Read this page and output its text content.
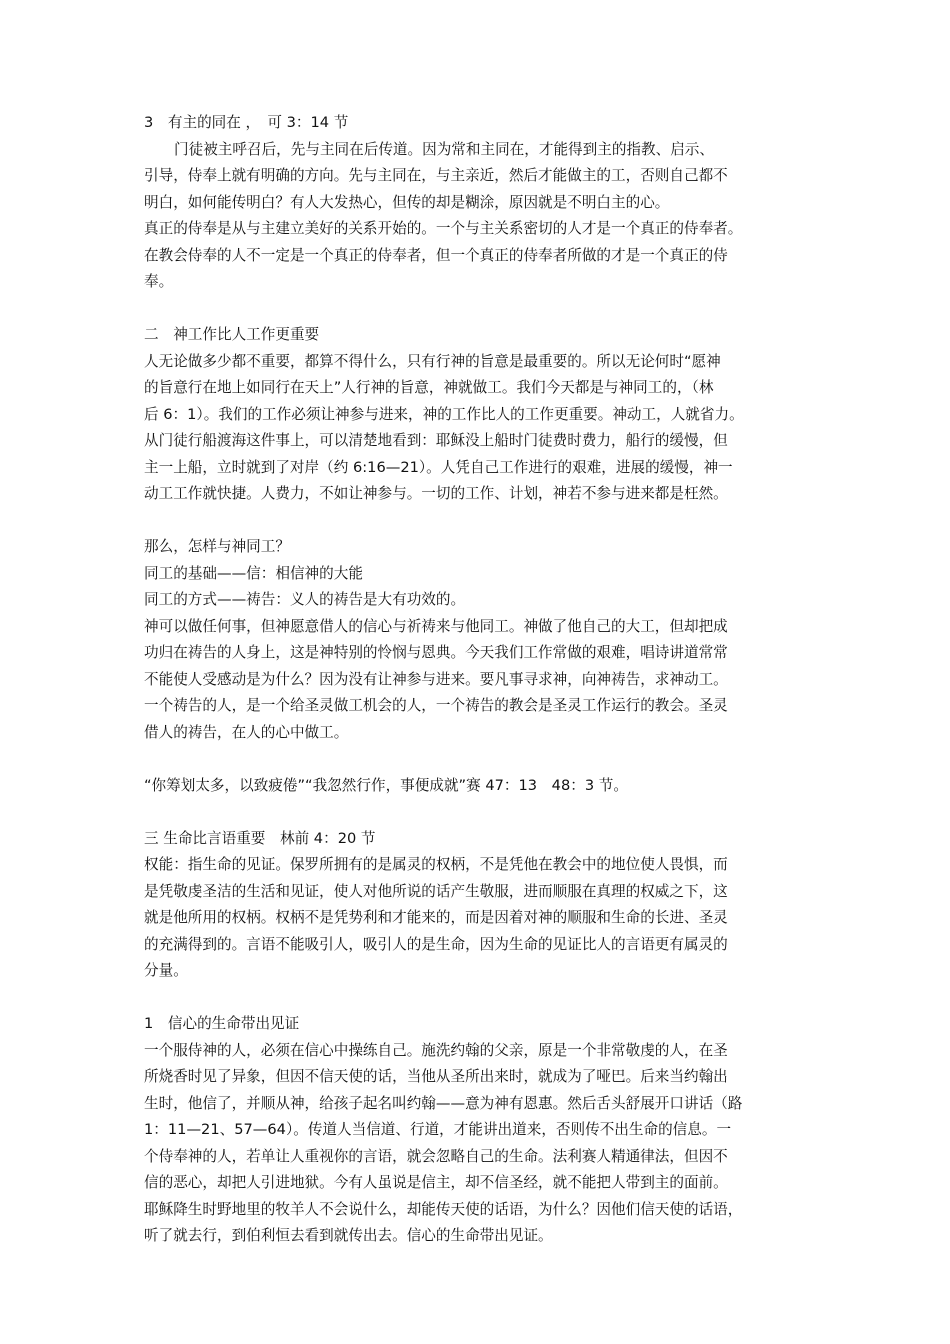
3　有主的同在 ，　可 3：14 节

门徒被主呼召后，先与主同在后传道。因为常和主同在，才能得到主的指教、启示、

引导，侍奉上就有明确的方向。先与主同在，与主亲近，然后才能做主的工，否则自己都不

明白，如何能传明白？有人大发热心，但传的却是糊涂，原因就是不明白主的心。

真正的侍奉是从与主建立美好的关系开始的。一个与主关系密切的人才是一个真正的侍奉者。

在教会侍奉的人不一定是一个真正的侍奉者，但一个真正的侍奉者所做的才是一个真正的侍

奉。

二　神工作比人工作更重要

人无论做多少都不重要，都算不得什么，只有行神的旨意是最重要的。所以无论何时“愿神

的旨意行在地上如同行在天上”人行神的旨意，神就做工。我们今天都是与神同工的，（林

后 6：1）。我们的工作必须让神参与进来，神的工作比人的工作更重要。神动工，人就省力。

从门徒行船渡海这件事上，可以清楚地看到：耶稣没上船时门徒费时费力，船行的缓慢，但

主一上船，立时就到了对岸（约 6:16—21）。人凭自己工作进行的艰难，进展的缓慢，神一

动工工作就快捷。人费力，不如让神参与。一切的工作、计划，神若不参与进来都是枉然。

那么，怎样与神同工？

同工的基础——信：相信神的大能

同工的方式——祷告：义人的祷告是大有功效的。

神可以做任何事，但神愿意借人的信心与祈祷来与他同工。神做了他自己的大工，但却把成

功归在祷告的人身上，这是神特别的怜悯与恩典。今天我们工作常做的艰难，唱诗讲道常常

不能使人受感动是为什么？因为没有让神参与进来。要凡事寻求神，向神祷告，求神动工。

一个祷告的人，是一个给圣灵做工机会的人，一个祷告的教会是圣灵工作运行的教会。圣灵

借人的祷告，在人的心中做工。

“你筹划太多，以致疲倦”“我忽然行作，事便成就”赛 47：13　48：3 节。

三 生命比言语重要　林前 4：20 节

权能：指生命的见证。保罗所拥有的是属灵的权柄，不是凭他在教会中的地位使人畏惧，而

是凭敬虔圣洁的生活和见证，使人对他所说的话产生敬服，进而顺服在真理的权威之下，这

就是他所用的权柄。权柄不是凭势利和才能来的，而是因着对神的顺服和生命的长进、圣灵

的充满得到的。言语不能吸引人，吸引人的是生命，因为生命的见证比人的言语更有属灵的

分量。

1　信心的生命带出见证

一个服侍神的人，必须在信心中操练自己。施洗约翰的父亲，原是一个非常敬虔的人，在圣

所烧香时见了异象，但因不信天使的话，当他从圣所出来时，就成为了哑巴。后来当约翰出

生时，他信了，并顺从神，给孩子起名叫约翰——意为神有恩惠。然后舌头舒展开口讲话（路

1：11—21、57—64）。传道人当信道、行道，才能讲出道来，否则传不出生命的信息。一

个侍奉神的人，若单让人重视你的言语，就会忽略自己的生命。法利赛人精通律法，但因不

信的恶心，却把人引进地狱。今有人虽说是信主，却不信圣经，就不能把人带到主的面前。

耶稣降生时野地里的牧羊人不会说什么，却能传天使的话语，为什么？因他们信天使的话语，

听了就去行，到伯利恒去看到就传出去。信心的生命带出见证。
